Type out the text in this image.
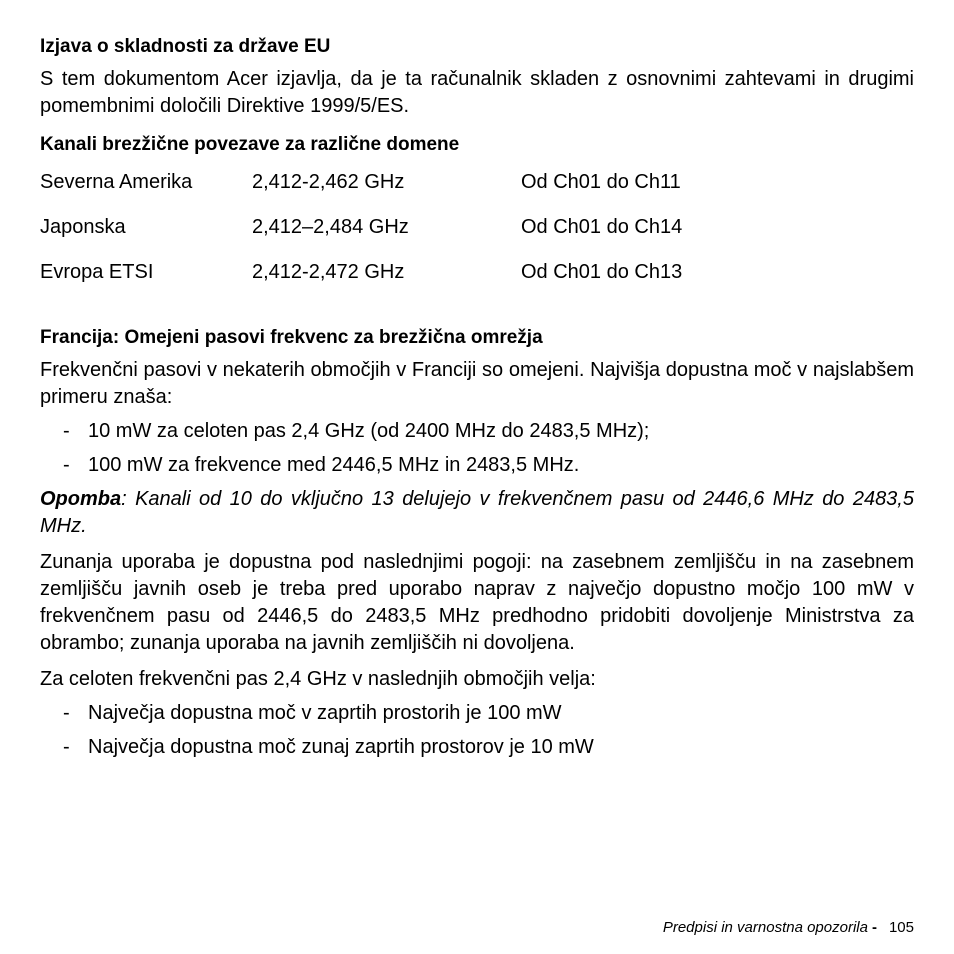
Izjava o skladnosti za države EU

S tem dokumentom Acer izjavlja, da je ta računalnik skladen z osnovnimi zahtevami in drugimi pomembnimi določili Direktive 1999/5/ES.

Kanali brezžične povezave za različne domene
Severna Amerika	2,412-2,462 GHz	Od Ch01 do Ch11
Japonska	2,412–2,484 GHz	Od Ch01 do Ch14
Evropa ETSI	2,412-2,472 GHz	Od Ch01 do Ch13
Francija: Omejeni pasovi frekvenc za brezžična omrežja

Frekvenčni pasovi v nekaterih območjih v Franciji so omejeni. Najvišja dopustna moč v najslabšem primeru znaša:

- 10 mW za celoten pas 2,4 GHz (od 2400 MHz do 2483,5 MHz);
- 100 mW za frekvence med 2446,5 MHz in 2483,5 MHz.

Opomba: Kanali od 10 do vključno 13 delujejo v frekvenčnem pasu od 2446,6 MHz do 2483,5 MHz.

Zunanja uporaba je dopustna pod naslednjimi pogoji: na zasebnem zemljišču in na zasebnem zemljišču javnih oseb je treba pred uporabo naprav z največjo dopustno močjo 100 mW v frekvenčnem pasu od 2446,5 do 2483,5 MHz predhodno pridobiti dovoljenje Ministrstva za obrambo; zunanja uporaba na javnih zemljiščih ni dovoljena.

Za celoten frekvenčni pas 2,4 GHz v naslednjih območjih velja:

- Največja dopustna moč v zaprtih prostorih je 100 mW
- Največja dopustna moč zunaj zaprtih prostorov je 10 mW
Predpisi in varnostna opozorila - 105
